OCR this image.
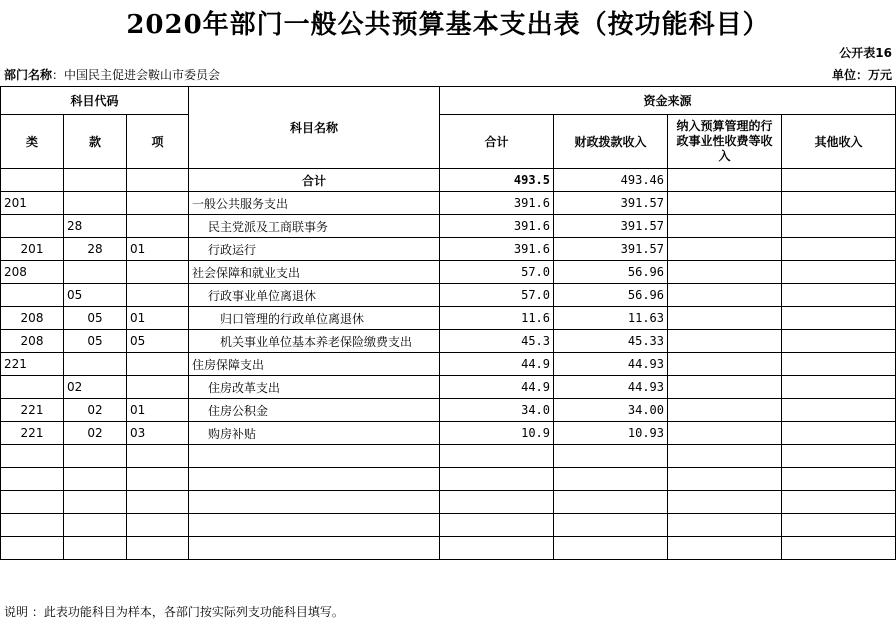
2020年部门一般公共预算基本支出表（按功能科目）
公开表16
部门名称：中国民主促进会鞍山市委员会	单位：万元
科目代码			科目名称	资金来源			
类	款	项		合计	财政拨款收入	纳入预算管理的行政事业性收费等收入	其他收入
			合计	493.5	493.46		
201			一般公共服务支出	391.6	391.57		
	28		民主党派及工商联事务	391.6	391.57		
201	28	01	行政运行	391.6	391.57		
208			社会保障和就业支出	57.0	56.96		
	05		行政事业单位离退休	57.0	56.96		
208	05	01	归口管理的行政单位离退休	11.6	11.63		
208	05	05	机关事业单位基本养老保险缴费支出	45.3	45.33		
221			住房保障支出	44.9	44.93		
	02		住房改革支出	44.9	44.93		
221	02	01	住房公积金	34.0	34.00		
221	02	03	购房补贴	10.9	10.93		

说明 ：此表功能科目为样本，各部门按实际列支功能科目填写。
